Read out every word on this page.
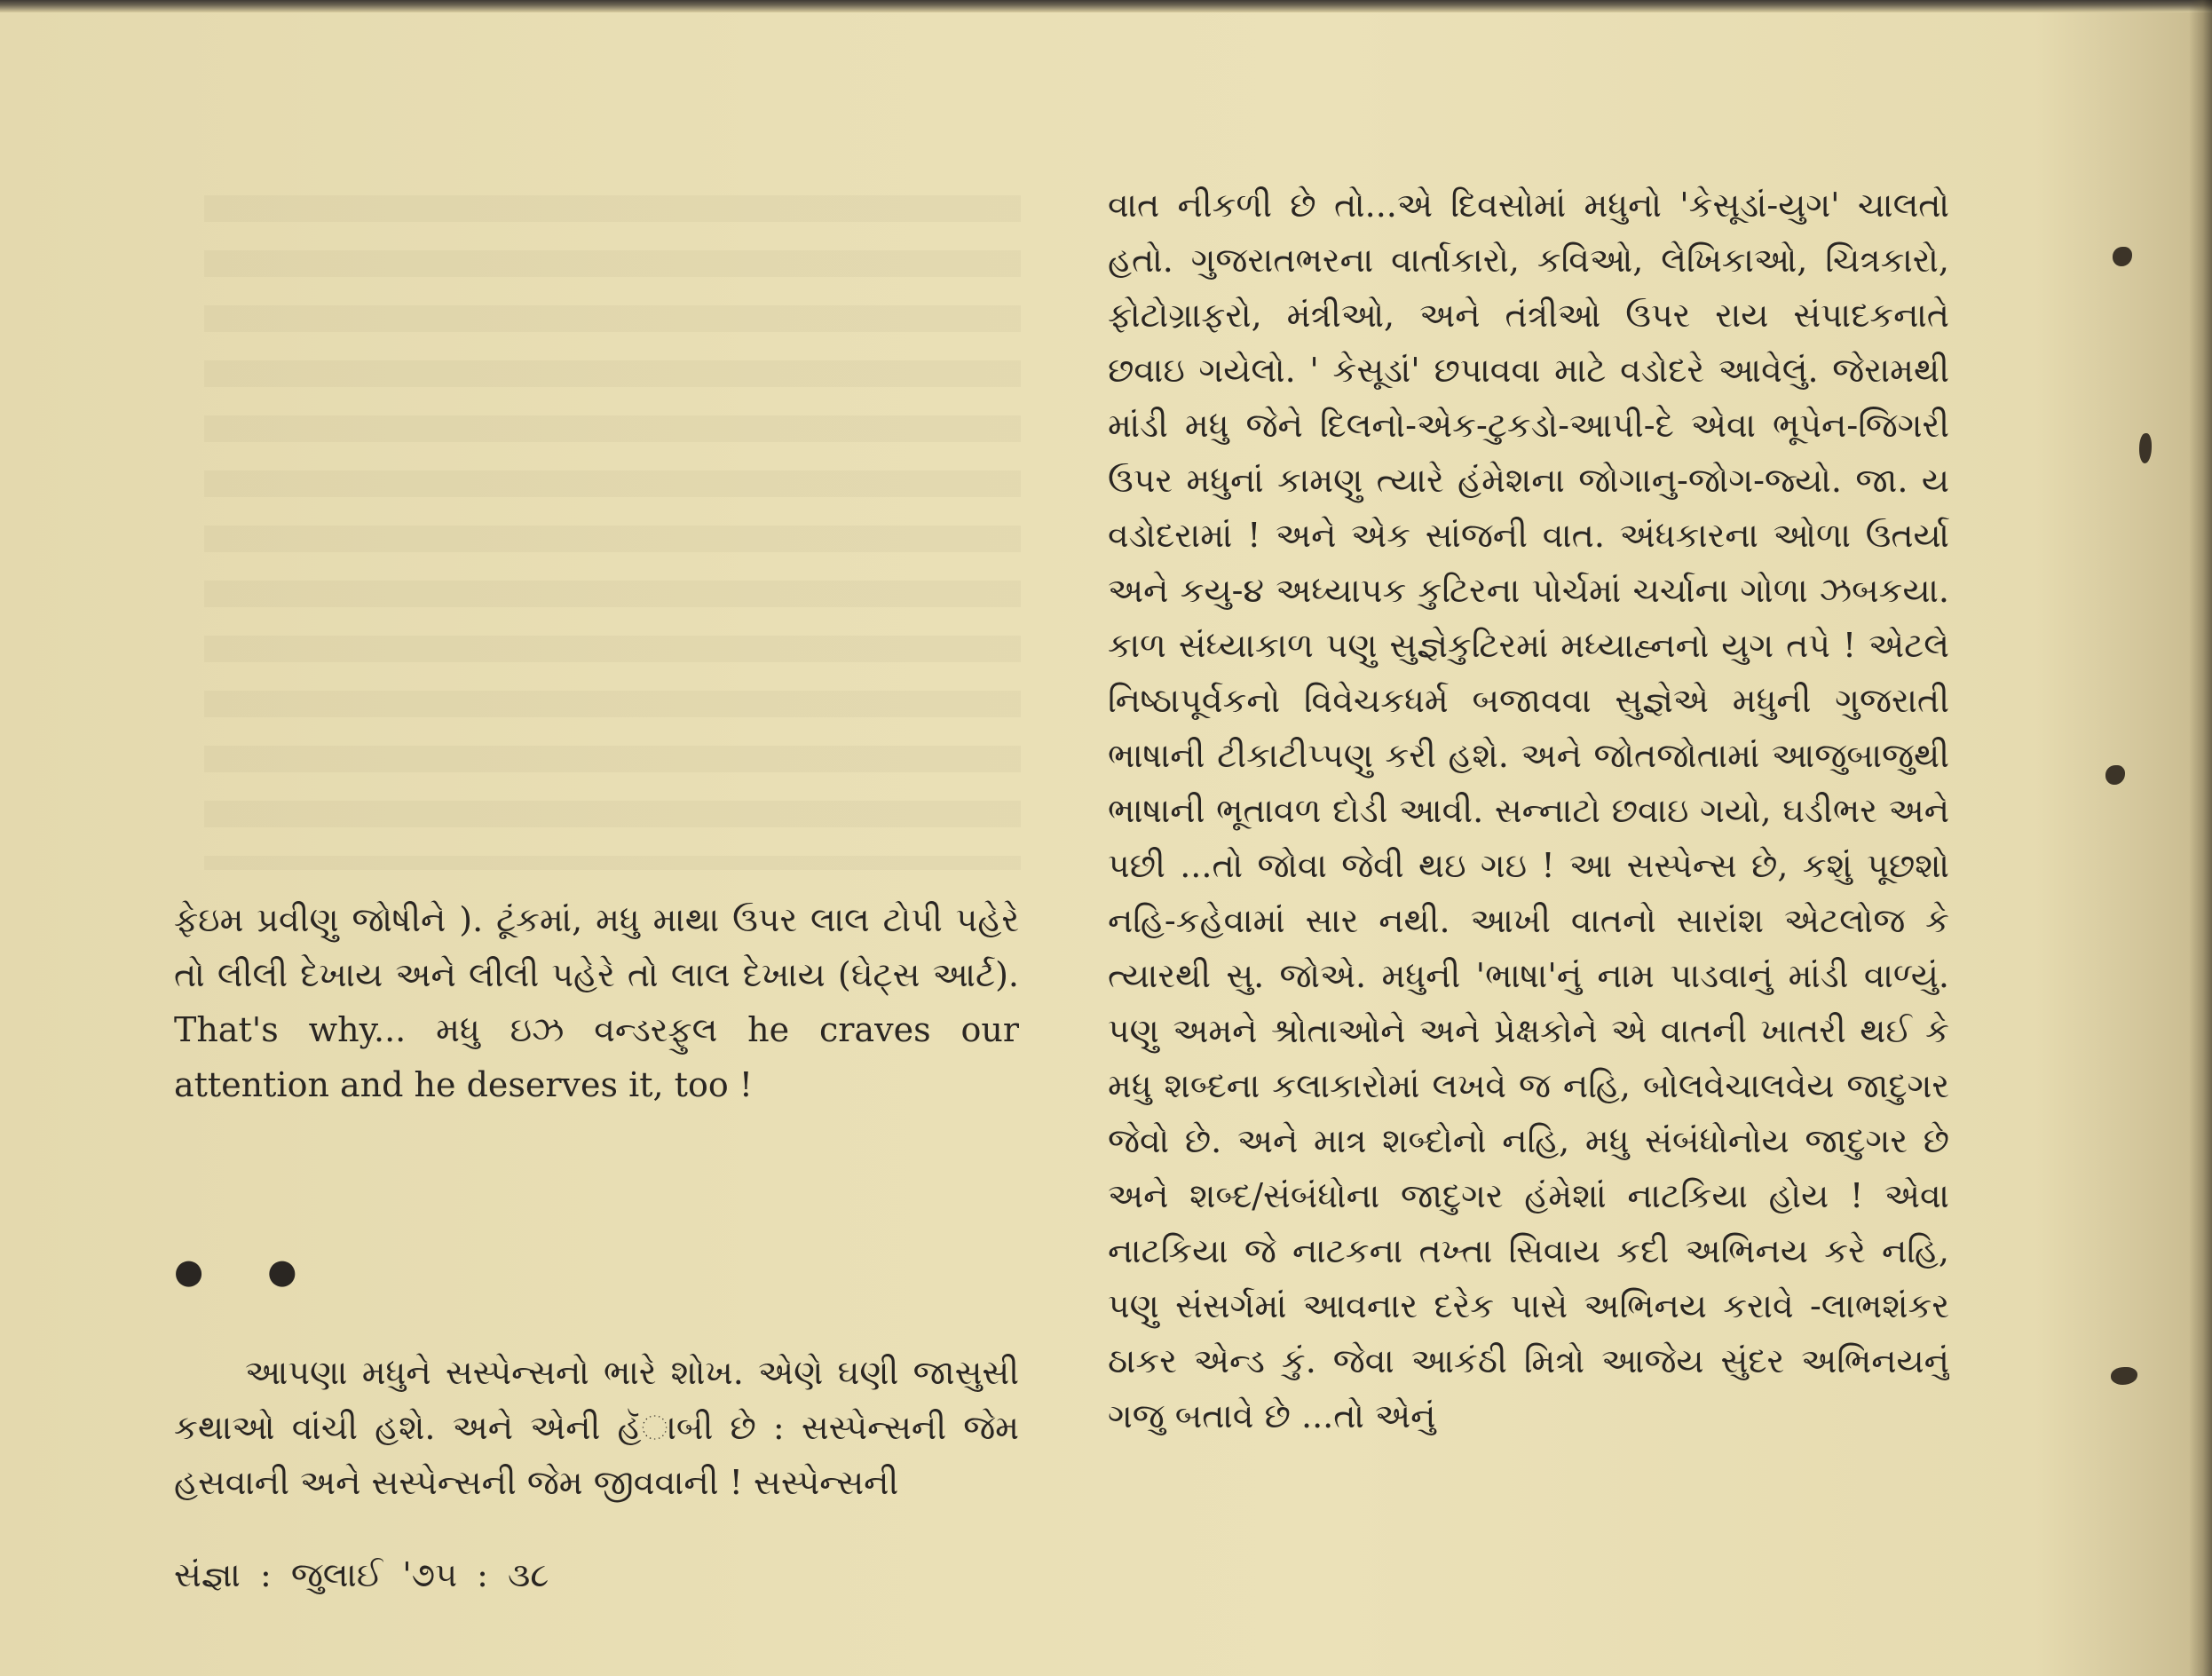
વાત નીકળી છે તો...એ દિવસોમાં મધુનો 'કેસૂડાં-યુગ' ચાલતો હતો. ગુજરાતભરના વાર્તાકારો, કવિઓ, લેખિકાઓ, ચિત્રકારો, ફોટોગ્રાફરો, મંત્રીઓ, અને તંત્રીઓ ઉપર રાય સંપાદકનાતે છવાઇ ગયેલો. ' કેસૂડાં' છપાવવા માટે વડોદરે આવેલું. જેરામથી માંડી મધુ જેને દિલનો-એક-ટુકડો-આપી-દે એવા ભૂપેન-જિગરી ઉપર મધુનાં કામણુ ત્યારે હંમેશના જોગાનુ-જોગ-જ્યો. જા. ય વડોદરામાં ! અને એક સાંજની વાત. અંધકારના ઓળા ઉતર્યા અને કયુ-૪ અધ્યાપક કુટિરના પોર્ચમાં ચર્ચાના ગોળા ઝબકયા. કાળ સંધ્યાકાળ પણુ સુજ્ઞેકુટિરમાં મધ્યાહ્નનો યુગ તપે ! એટલે નિષ્ઠાપૂર્વકનો વિવેચકધર્મ બજાવવા સુજ્ઞેએ મધુની ગુજરાતી ભાષાની ટીકાટીપ્પણુ કરી હશે. અને જોતજોતામાં આજુબાજુથી ભાષાની ભૂતાવળ દોડી આવી. સન્નાટો છવાઇ ગયો, ઘડીભર અને પછી ...તો જોવા જેવી થઇ ગઇ ! આ સસ્પેન્સ છે, કશું પૂછશો નહિ-કહેવામાં સાર નથી. આખી વાતનો સારાંશ એટલોજ કે ત્યારથી સુ. જોએ. મધુની 'ભાષા'નું નામ પાડવાનું માંડી વાળ્યું. પણુ અમને શ્રોતાઓને અને પ્રેક્ષકોને એ વાતની ખાતરી થઈ કે મધુ શબ્દના કલાકારોમાં લખવે જ નહિ, બોલવેચાલવેય જાદુગર જેવો છે. અને માત્ર શબ્દોનો નહિ, મધુ સંબંધોનોય જાદુગર છે અને શબ્દ/સંબંધોના જાદુગર હંમેશાં નાટકિયા હોય ! એવા નાટકિયા જે નાટકના તખ્તા સિવાય કદી અભિનય કરે નહિ, પણુ સંસર્ગમાં આવનાર દરેક પાસે અભિનય કરાવે -લાભશંકર ઠાકર એન્ડ કું. જેવા આકંઠી મિત્રો આજેય સુંદર અભિનયનું ગજુ બતાવે છે ...તો એનું

ફેઇમ પ્રવીણુ જોષીને ). ટૂંકમાં, મધુ માથા ઉપર લાલ ટોપી પહેરે તો લીલી દેખાય અને લીલી પહેરે તો લાલ દેખાય (ઘેટ્સ આર્ટ). That's why... મધુ ઇઝ વન્ડરફુલ he craves our attention and he deserves it, too !

● ●

આપણા મધુને સસ્પેન્સનો ભારે શોખ. એણે ઘણી જાસુસી કથાઓ વાંચી હશે. અને એની હૅાબી છે : સસ્પેન્સની જેમ હસવાની અને સસ્પેન્સની જેમ જીવવાની ! સસ્પેન્સની

સંજ્ઞા : જુલાઈ '૭૫ : ૩૮
